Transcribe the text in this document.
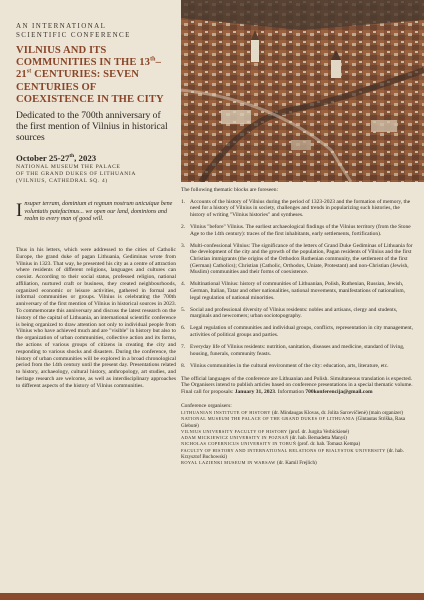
AN INTERNATIONAL
SCIENTIFIC CONFERENCE
VILNIUS AND ITS COMMUNITIES IN THE 13th–21st CENTURIES: SEVEN CENTURIES OF COEXISTENCE IN THE CITY
Dedicated to the 700th anniversary of the first mention of Vilnius in historical sources
October 25-27th, 2023
NATIONAL MUSEUM THE PALACE
OF THE GRAND DUKES OF LITHUANIA
(VILNIUS, CATHEDRAL SQ. 4)
Insuper terram, dominium et regnum nostrum unicuique bene voluntatis patefacimus... we open our land, dominions and realm to every man of good will.
Thus in his letters, which were addressed to the cities of Catholic Europe, the grand duke of pagan Lithuania, Gediminas wrote from Vilnius in 1323. That way, he presented his city as a centre of attraction where residents of different religions, languages and cultures can coexist. According to their social status, professed religion, national affiliation, nurtured craft or business, they created neighbourhoods, organized economic or leisure activities, gathered in formal and informal communities or groups. Vilnius is celebrating the 700th anniversary of the first mention of Vilnius in historical sources in 2023. To commemorate this anniversary and discuss the latest research on the history of the capital of Lithuania, an international scientific conference is being organized to draw attention not only to individual people from Vilnius who have achieved much and are "visible" in history but also to the organization of urban communities, collective action and its forms, the actions of various groups of citizens in creating the city and responding to various shocks and disasters. During the conference, the history of urban communities will be explored in a broad chronological period from the 14th century until the present day. Presentations related to history, archaeology, cultural history, anthropology, art studies, and heritage research are welcome, as well as interdisciplinary approaches to different aspects of the history of Vilnius communities.
The following thematic blocks are foreseen:
1. Accounts of the history of Vilnius during the period of 1323-2023 and the formation of memory, the need for a history of Vilnius in society, challenges and trends in popularizing such histories, the history of writing "Vilnius histories" and syntheses.
2. Vilnius "before" Vilnius. The earliest archaeological findings of the Vilnius territory (from the Stone Age to the 14th century): traces of the first inhabitants, early settlements, fortification).
3. Multi-confessional Vilnius: The significance of the letters of Grand Duke Gediminas of Lithuania for the development of the city and the growth of the population, Pagan residents of Vilnius and the first Christian immigrants (the origins of the Orthodox Ruthenian community, the settlement of the first (German) Catholics); Christian (Catholic, Orthodox, Uniate, Protestant) and non-Christian (Jewish, Muslim) communities and their forms of coexistence.
4. Multinational Vilnius: history of communities of Lithuanian, Polish, Ruthenian, Russian, Jewish, German, Italian, Tatar and other nationalities, national movements, manifestations of nationalism, legal regulation of national minorities.
5. Social and professional diversity of Vilnius residents: nobles and artisans, clergy and students, marginals and newcomers; urban sociotopography.
6. Legal regulation of communities and individual groups, conflicts, representation in city management, activities of political groups and parties.
7. Everyday life of Vilnius residents: nutrition, sanitation, diseases and medicine, standard of living, housing, funerals, community feasts.
8. Vilnius communities in the cultural environment of the city: education, arts, literature, etc.
The official languages of the conference are Lithuanian and Polish. Simultaneous translation is expected. The Organisers intend to publish articles based on conference presentations in a special thematic volume.
Final call for proposals: January 31, 2023. Information 700konferencija@gmail.com
Conference organisers:
LITHUANIAN INSTITUTE OF HISTORY (dr. Mindaugas Klovas, dr. Jolita Sarcevičienė) (main organizer)
NATIONAL MUSEUM THE PALACE OF THE GRAND DUKES OF LITHUANIA (Gintautas Striška, Rasa Glebutė)
VILNIUS UNIVERSITY FACULTY OF HISTORY (prof. dr. Jurgita Verbickienė)
ADAM MICKIEWICZ UNIVERSITY IN POZNAŃ (dr. hab. Bernadetta Manyś)
NICHOLAS COPERNICUS UNIVERSITY IN TORUŃ (prof. dr. hab. Tomasz Kempa)
FACULTY OF HISTORY AND INTERNATIONAL RELATIONS OF BIALYSTOK UNIVERSITY (dr. hab. Krzysztof Buchowski)
ROYAL LAZIENKI MUSEUM IN WARSAW (dr. Kamil Frejlich)
